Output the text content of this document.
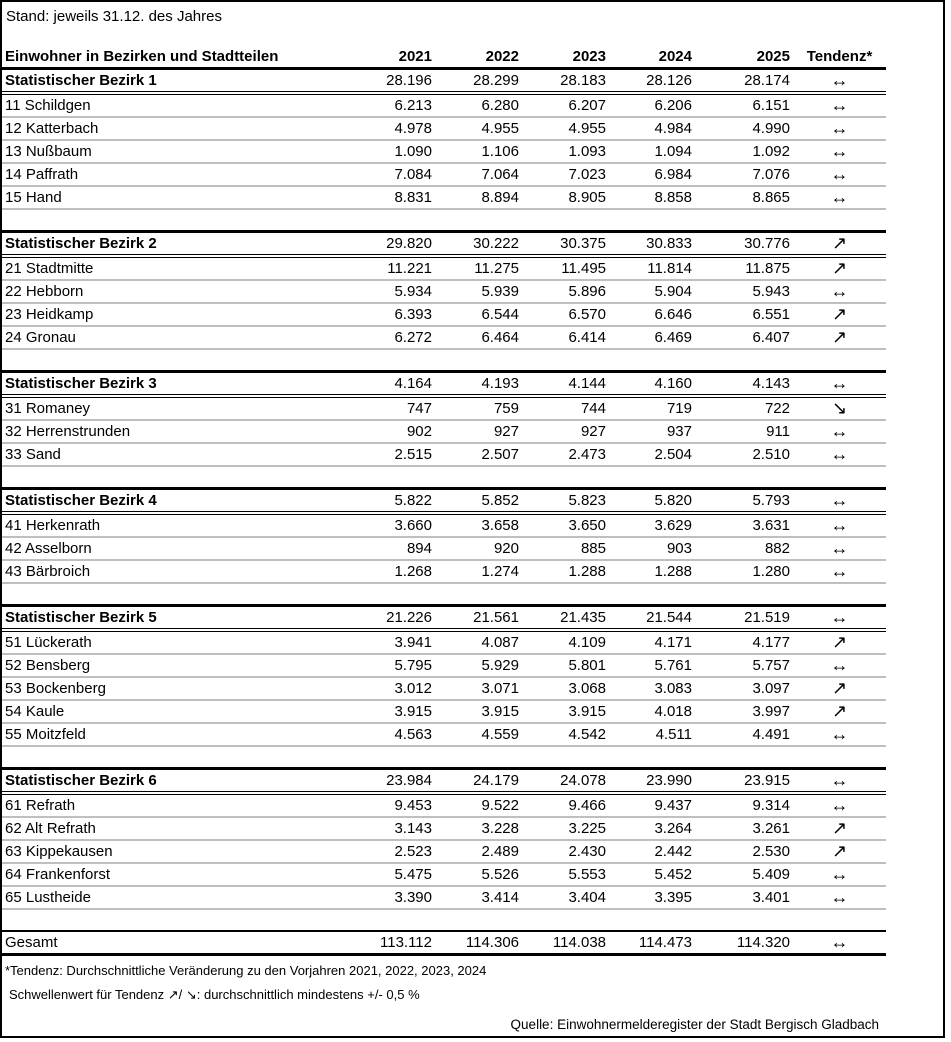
Stand: jeweils 31.12. des Jahres
Einwohner in Bezirken und Stadtteilen	2021	2022	2023	2024	2025	Tendenz*
Statistischer Bezirk 1	28.196	28.299	28.183	28.126	28.174	↔
11 Schildgen	6.213	6.280	6.207	6.206	6.151	↔
12 Katterbach	4.978	4.955	4.955	4.984	4.990	↔
13 Nußbaum	1.090	1.106	1.093	1.094	1.092	↔
14 Paffrath	7.084	7.064	7.023	6.984	7.076	↔
15 Hand	8.831	8.894	8.905	8.858	8.865	↔

Statistischer Bezirk 2	29.820	30.222	30.375	30.833	30.776	↗
21 Stadtmitte	11.221	11.275	11.495	11.814	11.875	↗
22 Hebborn	5.934	5.939	5.896	5.904	5.943	↔
23 Heidkamp	6.393	6.544	6.570	6.646	6.551	↗
24 Gronau	6.272	6.464	6.414	6.469	6.407	↗

Statistischer Bezirk 3	4.164	4.193	4.144	4.160	4.143	↔
31 Romaney	747	759	744	719	722	↘
32 Herrenstrunden	902	927	927	937	911	↔
33 Sand	2.515	2.507	2.473	2.504	2.510	↔

Statistischer Bezirk 4	5.822	5.852	5.823	5.820	5.793	↔
41 Herkenrath	3.660	3.658	3.650	3.629	3.631	↔
42 Asselborn	894	920	885	903	882	↔
43 Bärbroich	1.268	1.274	1.288	1.288	1.280	↔

Statistischer Bezirk 5	21.226	21.561	21.435	21.544	21.519	↔
51 Lückerath	3.941	4.087	4.109	4.171	4.177	↗
52 Bensberg	5.795	5.929	5.801	5.761	5.757	↔
53 Bockenberg	3.012	3.071	3.068	3.083	3.097	↗
54 Kaule	3.915	3.915	3.915	4.018	3.997	↗
55 Moitzfeld	4.563	4.559	4.542	4.511	4.491	↔

Statistischer Bezirk 6	23.984	24.179	24.078	23.990	23.915	↔
61 Refrath	9.453	9.522	9.466	9.437	9.314	↔
62 Alt Refrath	3.143	3.228	3.225	3.264	3.261	↗
63 Kippekausen	2.523	2.489	2.430	2.442	2.530	↗
64 Frankenforst	5.475	5.526	5.553	5.452	5.409	↔
65 Lustheide	3.390	3.414	3.404	3.395	3.401	↔

Gesamt	113.112	114.306	114.038	114.473	114.320	↔
*Tendenz: Durchschnittliche Veränderung zu den Vorjahren 2021, 2022, 2023, 2024
Schwellenwert für Tendenz ↗/ ↘: durchschnittlich mindestens +/- 0,5 %
Quelle: Einwohnermelderegister der Stadt Bergisch Gladbach
